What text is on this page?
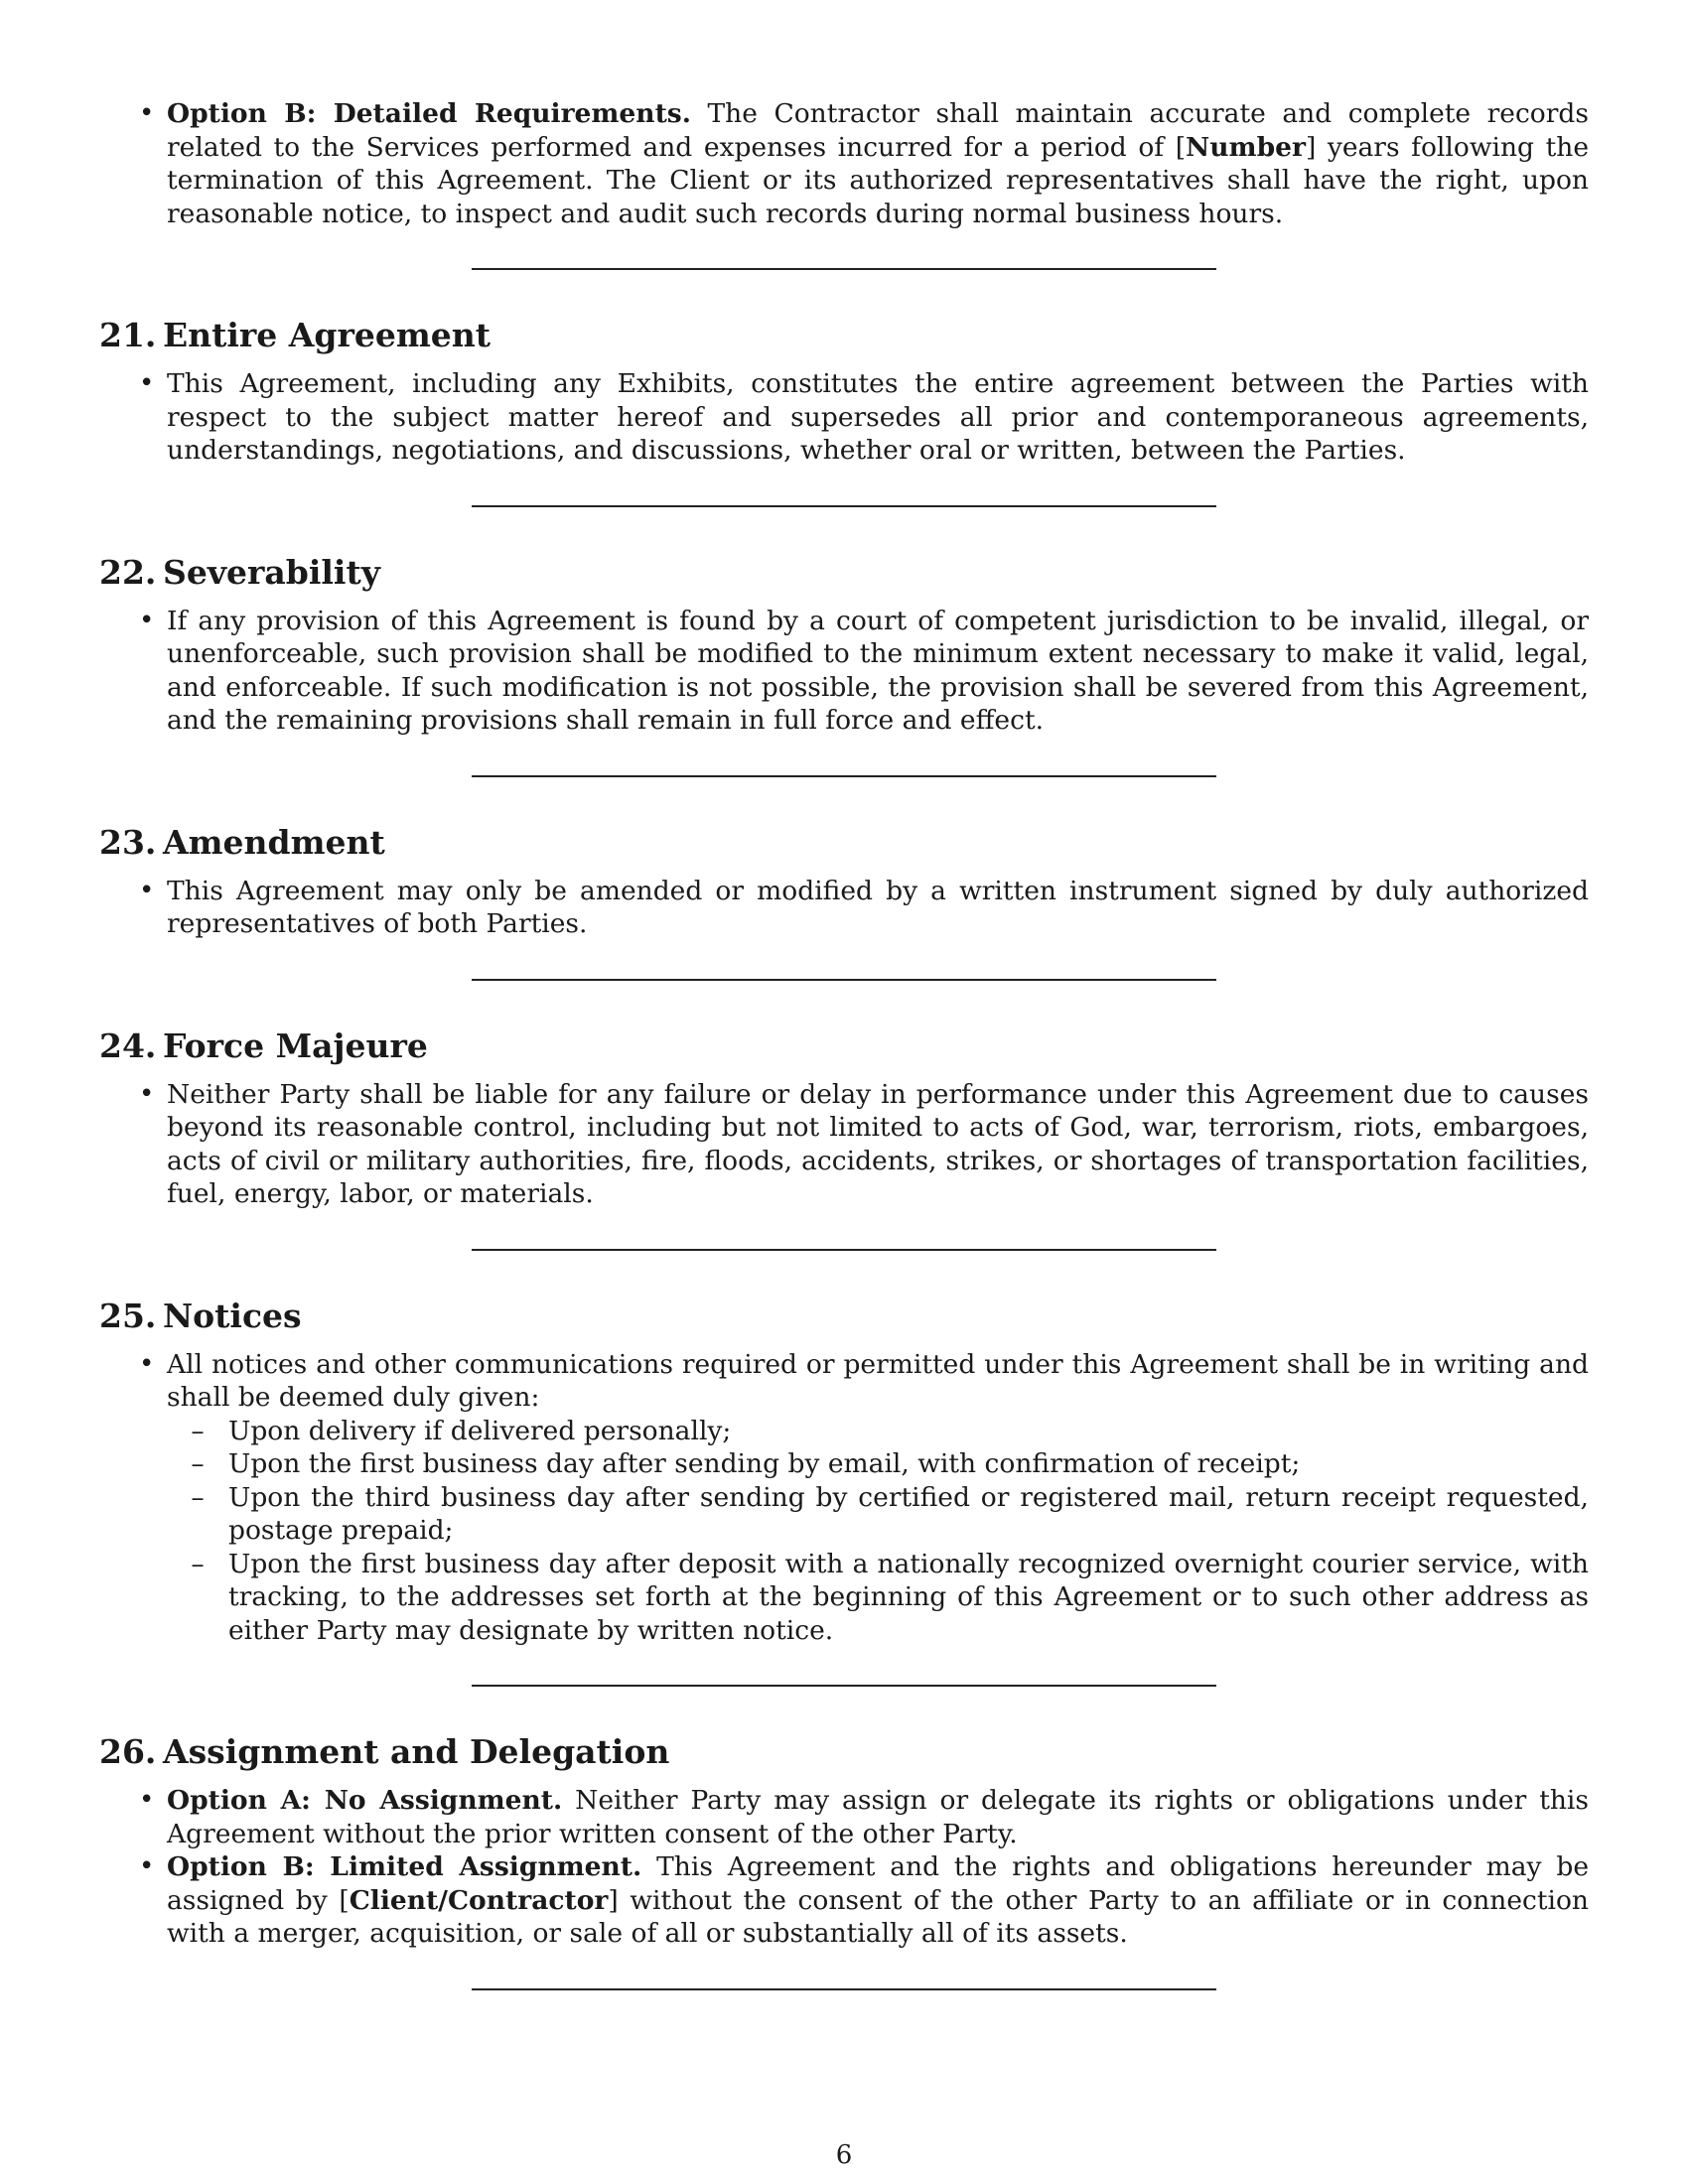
• Option B: Detailed Requirements. The Contractor shall maintain accurate and complete records related to the Services performed and expenses incurred for a period of [Number] years following the termination of this Agreement. The Client or its authorized representatives shall have the right, upon reasonable notice, to inspect and audit such records during normal business hours.
21. Entire Agreement
• This Agreement, including any Exhibits, constitutes the entire agreement between the Parties with respect to the subject matter hereof and supersedes all prior and contemporaneous agreements, understandings, negotiations, and discussions, whether oral or written, between the Parties.
22. Severability
• If any provision of this Agreement is found by a court of competent jurisdiction to be invalid, illegal, or unenforceable, such provision shall be modified to the minimum extent necessary to make it valid, legal, and enforceable. If such modification is not possible, the provision shall be severed from this Agreement, and the remaining provisions shall remain in full force and effect.
23. Amendment
• This Agreement may only be amended or modified by a written instrument signed by duly authorized representatives of both Parties.
24. Force Majeure
• Neither Party shall be liable for any failure or delay in performance under this Agreement due to causes beyond its reasonable control, including but not limited to acts of God, war, terrorism, riots, embargoes, acts of civil or military authorities, fire, floods, accidents, strikes, or shortages of transportation facilities, fuel, energy, labor, or materials.
25. Notices
• All notices and other communications required or permitted under this Agreement shall be in writing and shall be deemed duly given:
– Upon delivery if delivered personally;
– Upon the first business day after sending by email, with confirmation of receipt;
– Upon the third business day after sending by certified or registered mail, return receipt requested, postage prepaid;
– Upon the first business day after deposit with a nationally recognized overnight courier service, with tracking, to the addresses set forth at the beginning of this Agreement or to such other address as either Party may designate by written notice.
26. Assignment and Delegation
• Option A: No Assignment. Neither Party may assign or delegate its rights or obligations under this Agreement without the prior written consent of the other Party.
• Option B: Limited Assignment. This Agreement and the rights and obligations hereunder may be assigned by [Client/Contractor] without the consent of the other Party to an affiliate or in connection with a merger, acquisition, or sale of all or substantially all of its assets.
6
